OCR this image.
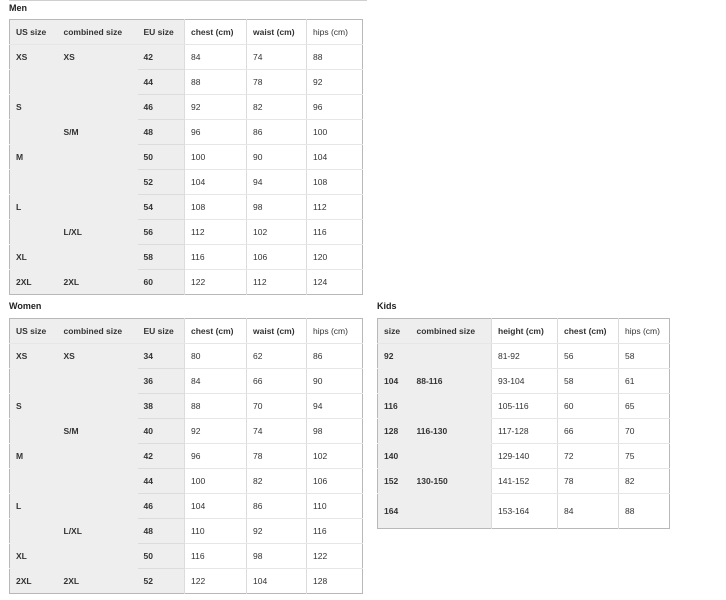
Men
US size	combined size	EU size	chest (cm)	waist (cm)	hips (cm)
XS	XS	42	84	74	88
		44	88	78	92
S		46	92	82	96
	S/M	48	96	86	100
M		50	100	90	104
		52	104	94	108
L		54	108	98	112
	L/XL	56	112	102	116
XL		58	116	106	120
2XL	2XL	60	122	112	124
Women
US size	combined size	EU size	chest (cm)	waist (cm)	hips (cm)
XS	XS	34	80	62	86
		36	84	66	90
S		38	88	70	94
	S/M	40	92	74	98
M		42	96	78	102
		44	100	82	106
L		46	104	86	110
	L/XL	48	110	92	116
XL		50	116	98	122
2XL	2XL	52	122	104	128
Kids
size	combined size	height (cm)	chest (cm)	hips (cm)
92		81-92	56	58
104	88-116	93-104	58	61
116		105-116	60	65
128	116-130	117-128	66	70
140		129-140	72	75
152	130-150	141-152	78	82
164		153-164	84	88
